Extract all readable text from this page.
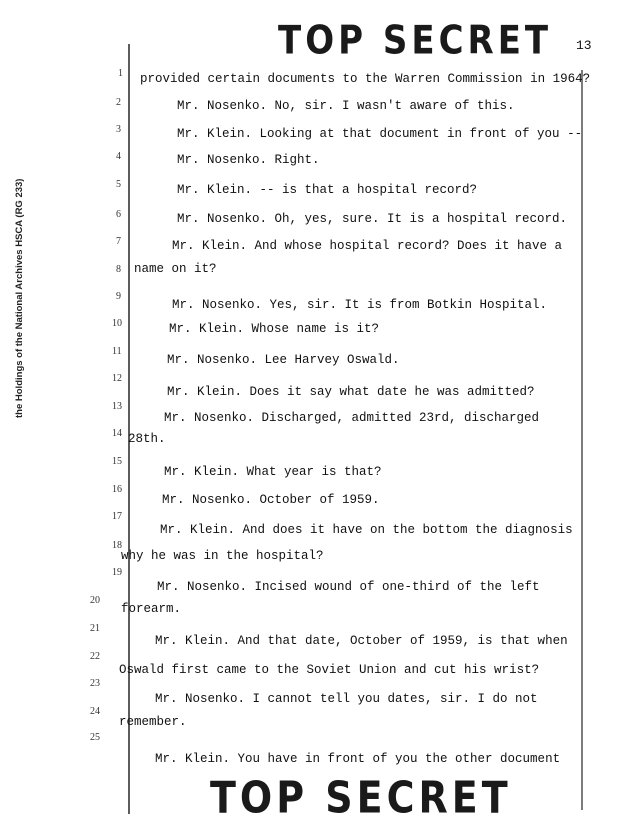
TOP SECRET 13
the Holdings of the National Archives HSCA (RG 233)
1
2
3
4
5
6
7
8
9
10
11
12
13
14
15
16
17
18
19
20
21
22
23
24
25
provided certain documents to the Warren Commission in 1964?
Mr. Nosenko. No, sir. I wasn't aware of this.
Mr. Klein. Looking at that document in front of you --
Mr. Nosenko. Right.
Mr. Klein. -- is that a hospital record?
Mr. Nosenko. Oh, yes, sure. It is a hospital record.
Mr. Klein. And whose hospital record? Does it have a
name on it?
Mr. Nosenko. Yes, sir. It is from Botkin Hospital.
Mr. Klein. Whose name is it?
Mr. Nosenko. Lee Harvey Oswald.
Mr. Klein. Does it say what date he was admitted?
Mr. Nosenko. Discharged, admitted 23rd, discharged
28th.
Mr. Klein. What year is that?
Mr. Nosenko. October of 1959.
Mr. Klein. And does it have on the bottom the diagnosis
why he was in the hospital?
Mr. Nosenko. Incised wound of one-third of the left
forearm.
Mr. Klein. And that date, October of 1959, is that when
Oswald first came to the Soviet Union and cut his wrist?
Mr. Nosenko. I cannot tell you dates, sir. I do not
remember.
Mr. Klein. You have in front of you the other document
TOP SECRET
